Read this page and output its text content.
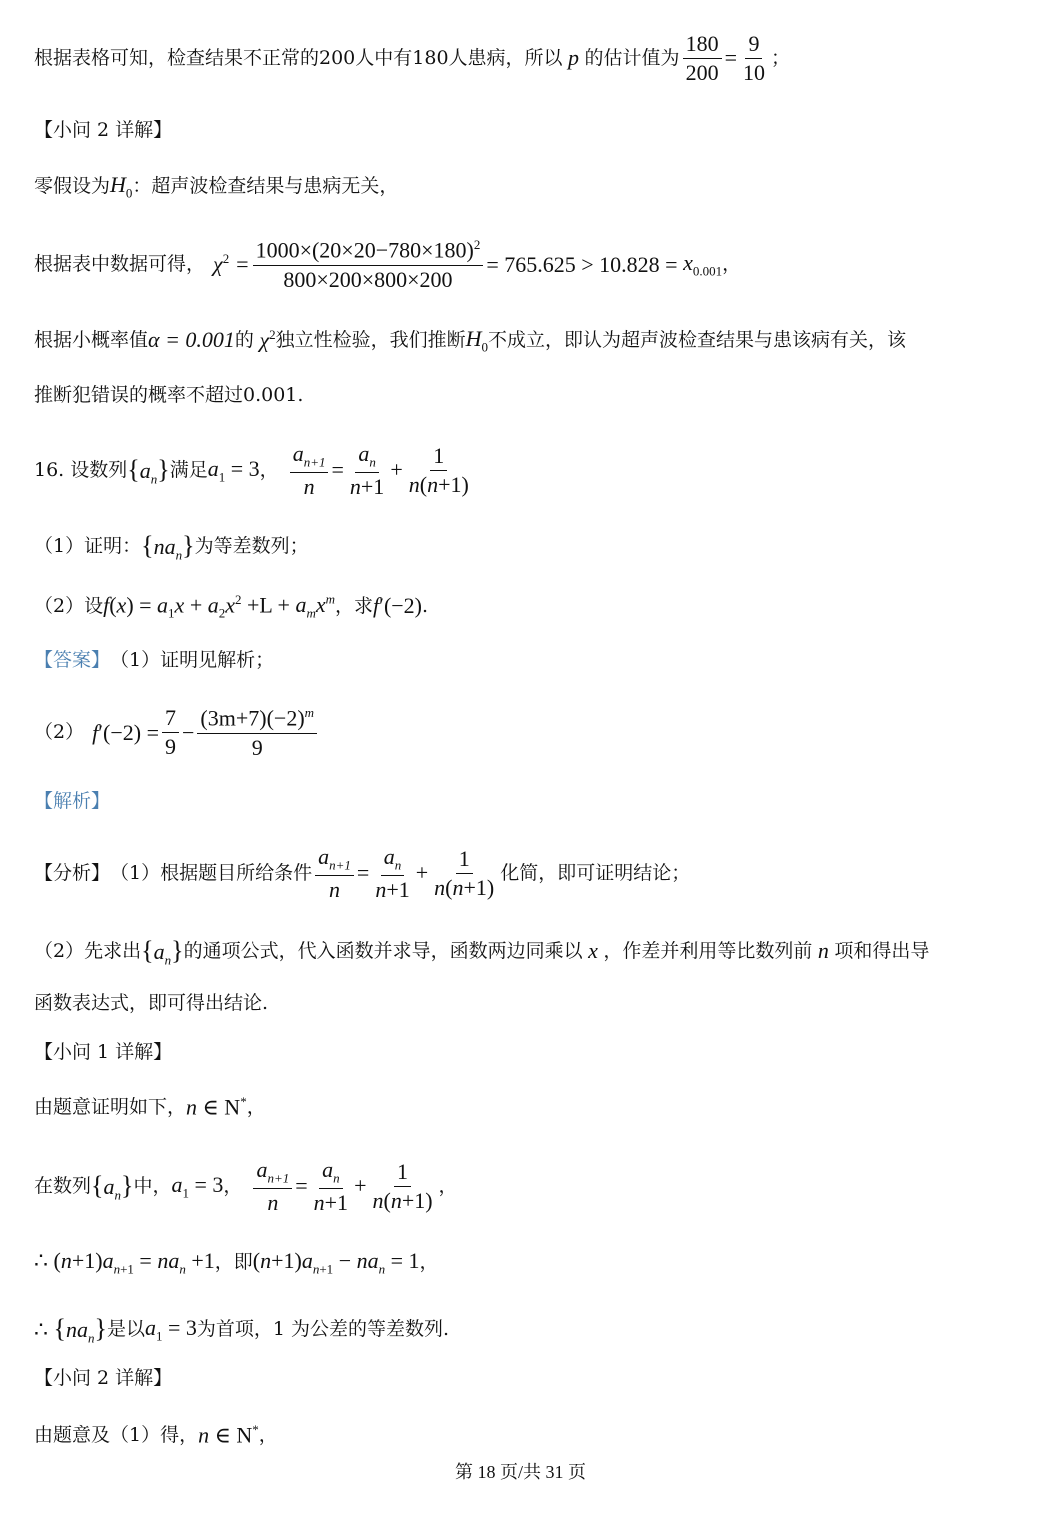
根据表格可知，检查结果不正常的200人中有180人患病，所以 p 的估计值为 $\frac{180}{200} = \frac{9}{10}$ ；
【小问 2 详解】
零假设为 $H_0$ ：超声波检查结果与患病无关，
根据表中数据可得， $\chi^2 = \frac{1000\times(20\times 20-780\times 180)^2}{800\times 200\times 800\times 200} = 765.625 > 10.828 = x_{0.001}$ ，
根据小概率值 α = 0.001 的 $\chi^2$ 独立性检验，我们推断 $H_0$ 不成立，即认为超声波检查结果与患该病有关，该
推断犯错误的概率不超过0.001.
16. 设数列 $\{a_n\}$ 满足 $a_1 = 3$ ， $\frac{a_{n+1}}{n} = \frac{a_n}{n+1} + \frac{1}{n(n+1)}$
（1）证明： $\{na_n\}$ 为等差数列；
（2）设 $f(x) = a_1x + a_2x^2 +L + a_mx^m$ ，求 f′(−2) .
【答案】 （1）证明见解析；
（2） $f'(-2) = \frac{7}{9} - \frac{(3m+7)(-2)^m}{9}$
【解析】
【分析】 （1）根据题目所给条件 $\frac{a_{n+1}}{n} = \frac{a_n}{n+1} + \frac{1}{n(n+1)}$ 化简，即可证明结论；
（2）先求出 $\{a_n\}$ 的通项公式，代入函数并求导，函数两边同乘以 x ，作差并利用等比数列前 n 项和得出导
函数表达式，即可得出结论.
【小问 1 详解】
由题意证明如下， n ∈ N* ，
在数列 $\{a_n\}$ 中， $a_1 = 3$ ， $\frac{a_{n+1}}{n} = \frac{a_n}{n+1} + \frac{1}{n(n+1)}$ ，
∴ $(n+1)a_{n+1} = na_n +1$ ， 即 $(n+1)a_{n+1} - na_n = 1$ ，
∴ $\{na_n\}$ 是以 $a_1 = 3$ 为首项，1 为公差的等差数列.
【小问 2 详解】
由题意及（1）得， n ∈ N* ，
第 18 页/共 31 页
